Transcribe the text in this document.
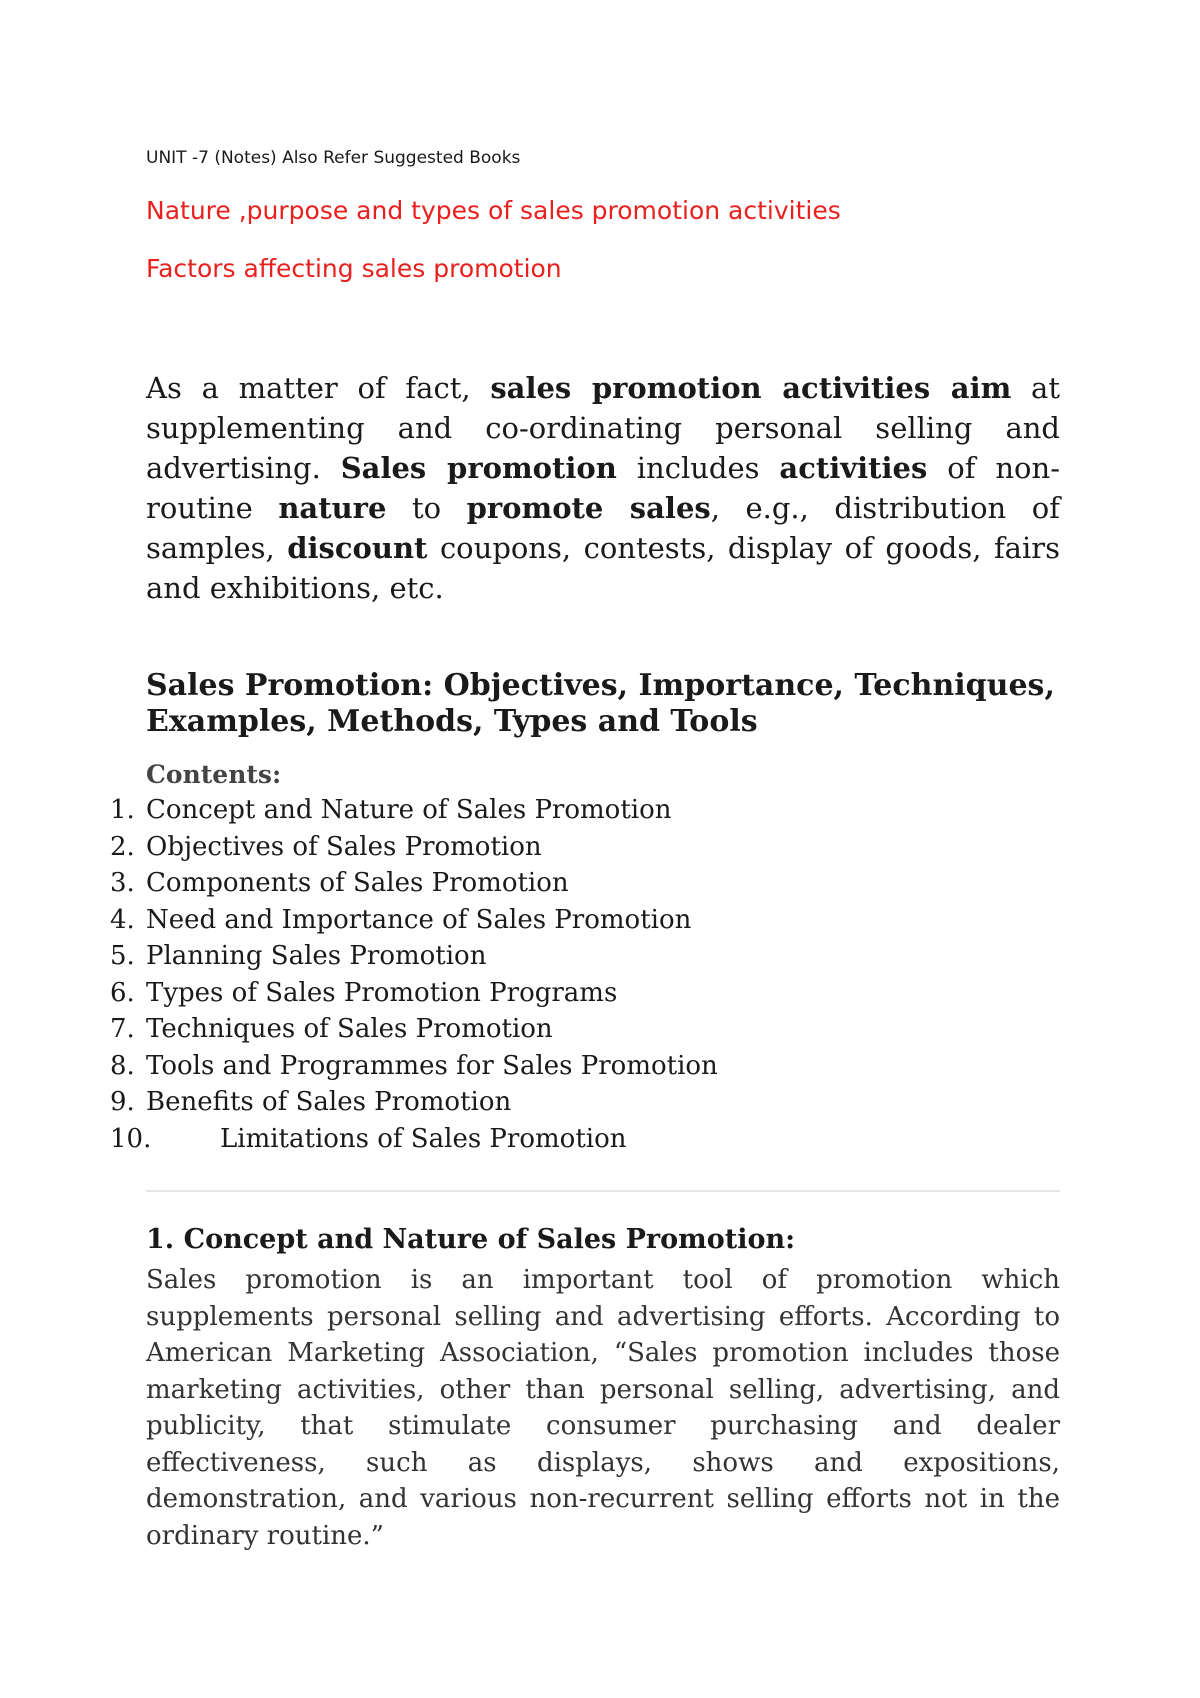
UNIT -7 (Notes) Also Refer Suggested Books
Nature ,purpose and types of sales promotion activities
Factors affecting sales promotion

As a matter of fact, sales promotion activities aim at supplementing and co-ordinating personal selling and advertising. Sales promotion includes activities of non-routine nature to promote sales, e.g., distribution of samples, discount coupons, contests, display of goods, fairs and exhibitions, etc.

Sales Promotion: Objectives, Importance, Techniques, Examples, Methods, Types and Tools
Contents:
1. Concept and Nature of Sales Promotion
2. Objectives of Sales Promotion
3. Components of Sales Promotion
4. Need and Importance of Sales Promotion
5. Planning Sales Promotion
6. Types of Sales Promotion Programs
7. Techniques of Sales Promotion
8. Tools and Programmes for Sales Promotion
9. Benefits of Sales Promotion
10.	Limitations of Sales Promotion
1. Concept and Nature of Sales Promotion:

Sales promotion is an important tool of promotion which supplements personal selling and advertising efforts. According to American Marketing Association, “Sales promotion includes those marketing activities, other than personal selling, advertising, and publicity, that stimulate consumer purchasing and dealer effectiveness, such as displays, shows and expositions, demonstration, and various non-recurrent selling efforts not in the ordinary routine.”
